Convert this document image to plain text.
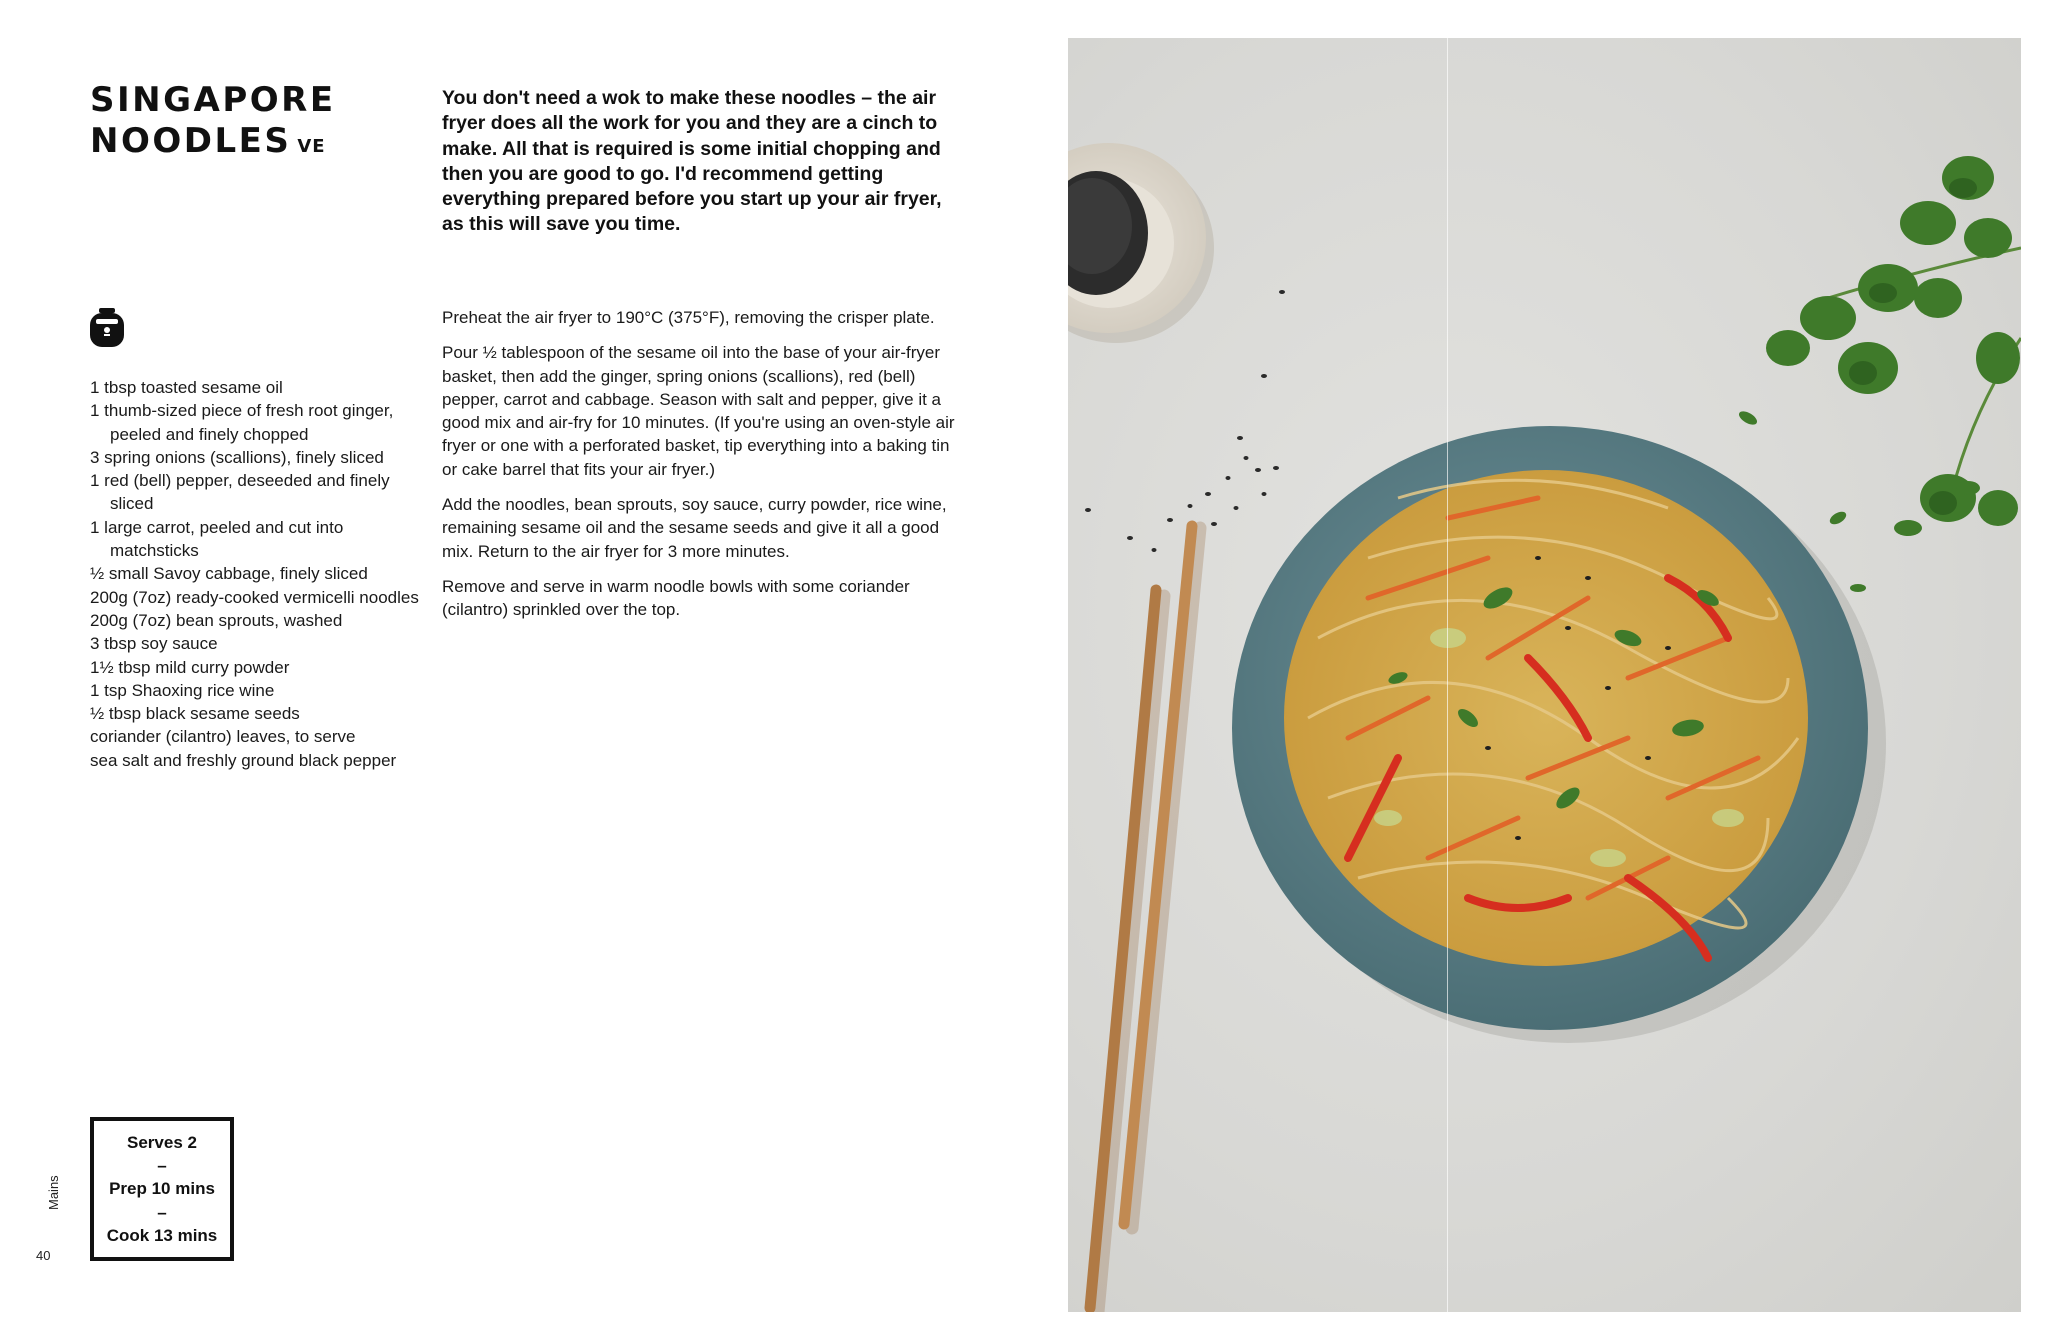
SINGAPORE
NOODLES VE

You don't need a wok to make these noodles – the air fryer does all the work for you and they are a cinch to make. All that is required is some initial chopping and then you are good to go. I'd recommend getting everything prepared before you start up your air fryer, as this will save you time.

1 tbsp toasted sesame oil
1 thumb-sized piece of fresh root ginger, peeled and finely chopped
3 spring onions (scallions), finely sliced
1 red (bell) pepper, deseeded and finely sliced
1 large carrot, peeled and cut into matchsticks
½ small Savoy cabbage, finely sliced
200g (7oz) ready-cooked vermicelli noodles
200g (7oz) bean sprouts, washed
3 tbsp soy sauce
1½ tbsp mild curry powder
1 tsp Shaoxing rice wine
½ tbsp black sesame seeds
coriander (cilantro) leaves, to serve
sea salt and freshly ground black pepper

Preheat the air fryer to 190°C (375°F), removing the crisper plate.

Pour ½ tablespoon of the sesame oil into the base of your air-fryer basket, then add the ginger, spring onions (scallions), red (bell) pepper, carrot and cabbage. Season with salt and pepper, give it a good mix and air-fry for 10 minutes. (If you're using an oven-style air fryer or one with a perforated basket, tip everything into a baking tin or cake barrel that fits your air fryer.)

Add the noodles, bean sprouts, soy sauce, curry powder, rice wine, remaining sesame oil and the sesame seeds and give it all a good mix. Return to the air fryer for 3 more minutes.

Remove and serve in warm noodle bowls with some coriander (cilantro) sprinkled over the top.

Serves 2
–
Prep 10 mins
–
Cook 13 mins
Mains
40
